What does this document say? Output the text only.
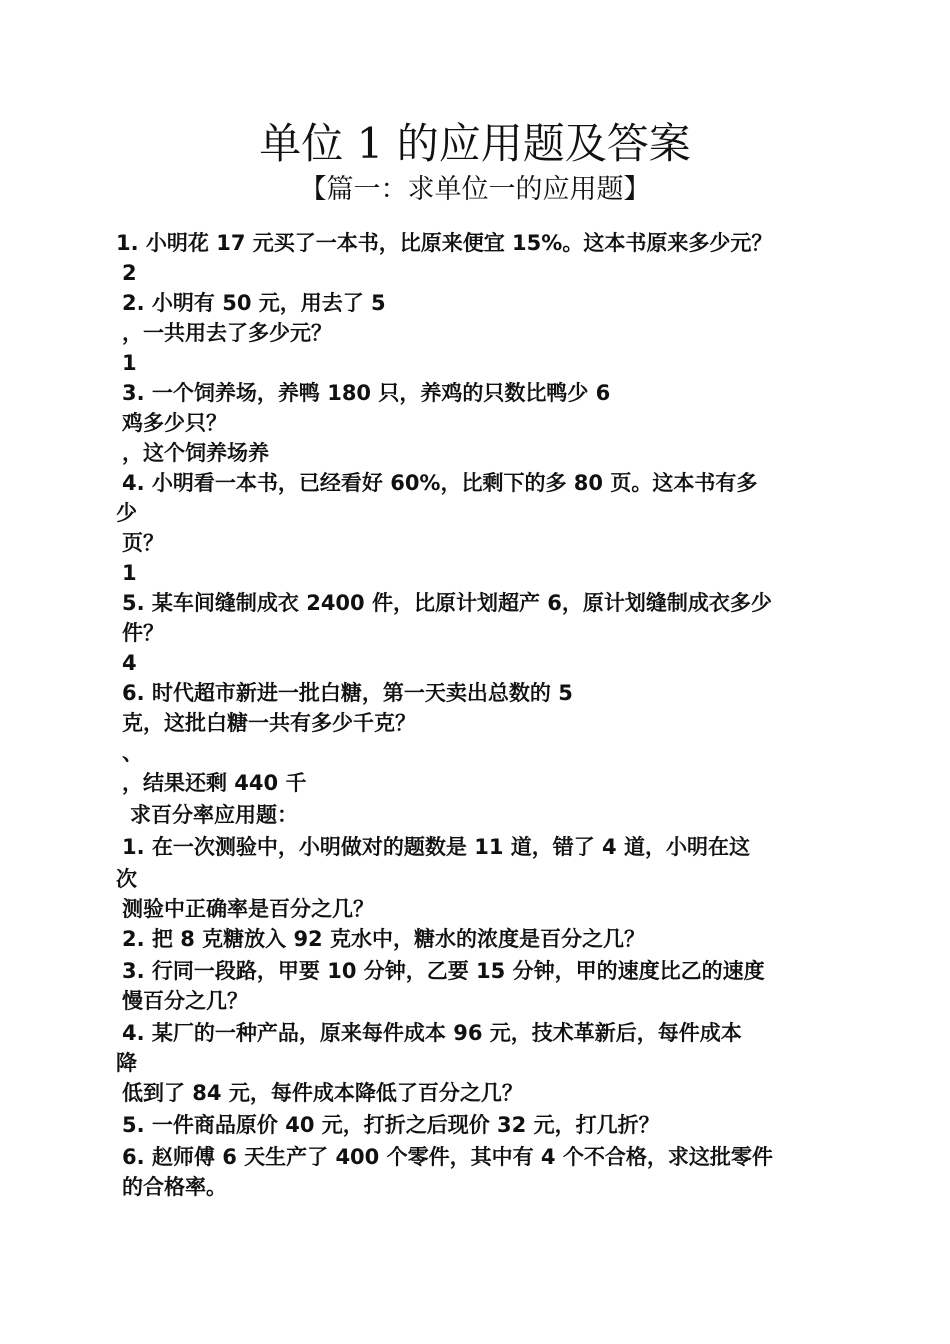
单位 1 的应用题及答案
【篇一：求单位一的应用题】
1. 小明花 17 元买了一本书，比原来便宜 15%。这本书原来多少元？
2
2. 小明有 50 元，用去了 5
，一共用去了多少元？
1
3. 一个饲养场，养鸭 180 只，养鸡的只数比鸭少 6
鸡多少只？
，这个饲养场养
4. 小明看一本书，已经看好 60%，比剩下的多 80 页。这本书有多
少
页？
1
5. 某车间缝制成衣 2400 件，比原计划超产 6，原计划缝制成衣多少
件？
4
6. 时代超市新进一批白糖，第一天卖出总数的 5
克，这批白糖一共有多少千克？
、
，结果还剩 440 千
求百分率应用题：
1. 在一次测验中，小明做对的题数是 11 道，错了 4 道，小明在这
次
测验中正确率是百分之几？
2. 把 8 克糖放入 92 克水中，糖水的浓度是百分之几？
3. 行同一段路，甲要 10 分钟，乙要 15 分钟，甲的速度比乙的速度
慢百分之几？
4. 某厂的一种产品，原来每件成本 96 元，技术革新后，每件成本
降
低到了 84 元，每件成本降低了百分之几？
5. 一件商品原价 40 元，打折之后现价 32 元，打几折？
6. 赵师傅 6 天生产了 400 个零件，其中有 4 个不合格，求这批零件
的合格率。
